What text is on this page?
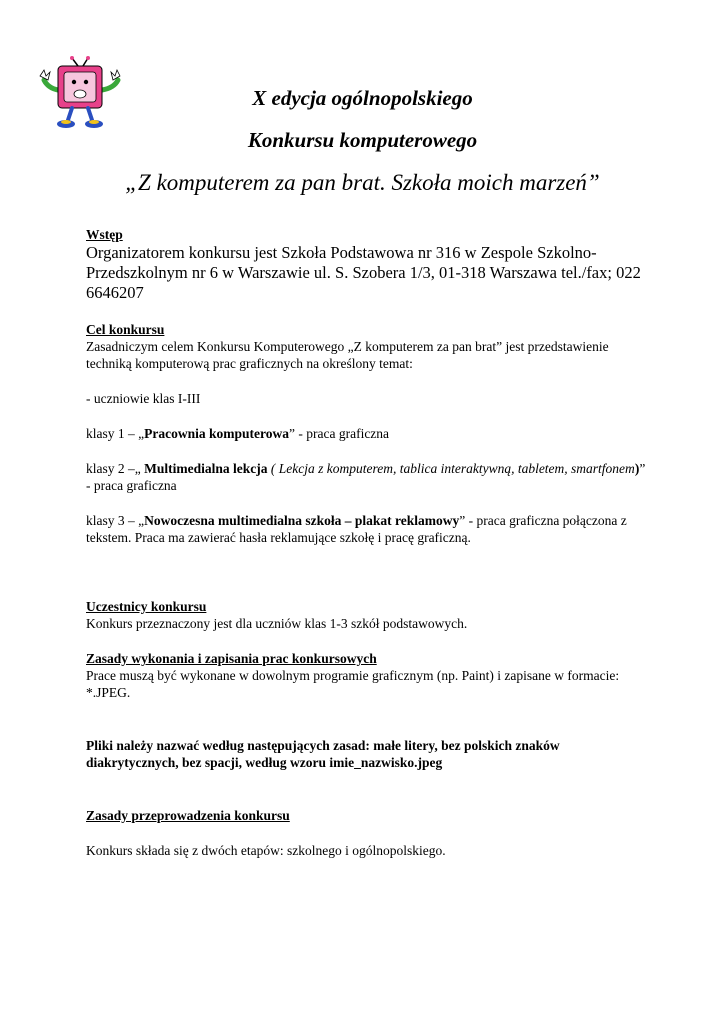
X edycja ogólnopolskiego
Konkursu komputerowego
„Z komputerem za pan brat. Szkoła moich marzeń”

Wstęp

Organizatorem konkursu jest Szkoła Podstawowa nr 316 w Zespole Szkolno-Przedszkolnym nr 6 w Warszawie ul. S. Szobera 1/3, 01-318 Warszawa tel./fax; 022 6646207

Cel konkursu

Zasadniczym celem Konkursu Komputerowego „Z komputerem za pan brat” jest przedstawienie techniką komputerową prac graficznych na określony temat:

- uczniowie klas I-III

klasy 1 – „Pracownia komputerowa” - praca graficzna

klasy 2 –„ Multimedialna lekcja ( Lekcja z komputerem, tablica interaktywną, tabletem, smartfonem)” - praca graficzna

klasy 3 – „Nowoczesna multimedialna szkoła – plakat reklamowy” - praca graficzna połączona z tekstem. Praca ma zawierać hasła reklamujące szkołę i pracę graficzną.

Uczestnicy konkursu

Konkurs przeznaczony jest dla uczniów klas 1-3 szkół podstawowych.

Zasady wykonania i zapisania prac konkursowych

Prace muszą być wykonane w dowolnym programie graficznym (np. Paint) i zapisane w formacie: *.JPEG.

Pliki należy nazwać według następujących zasad: małe litery, bez polskich znaków diakrytycznych, bez spacji, według wzoru imie_nazwisko.jpeg

Zasady przeprowadzenia konkursu

Konkurs składa się z dwóch etapów: szkolnego i ogólnopolskiego.
